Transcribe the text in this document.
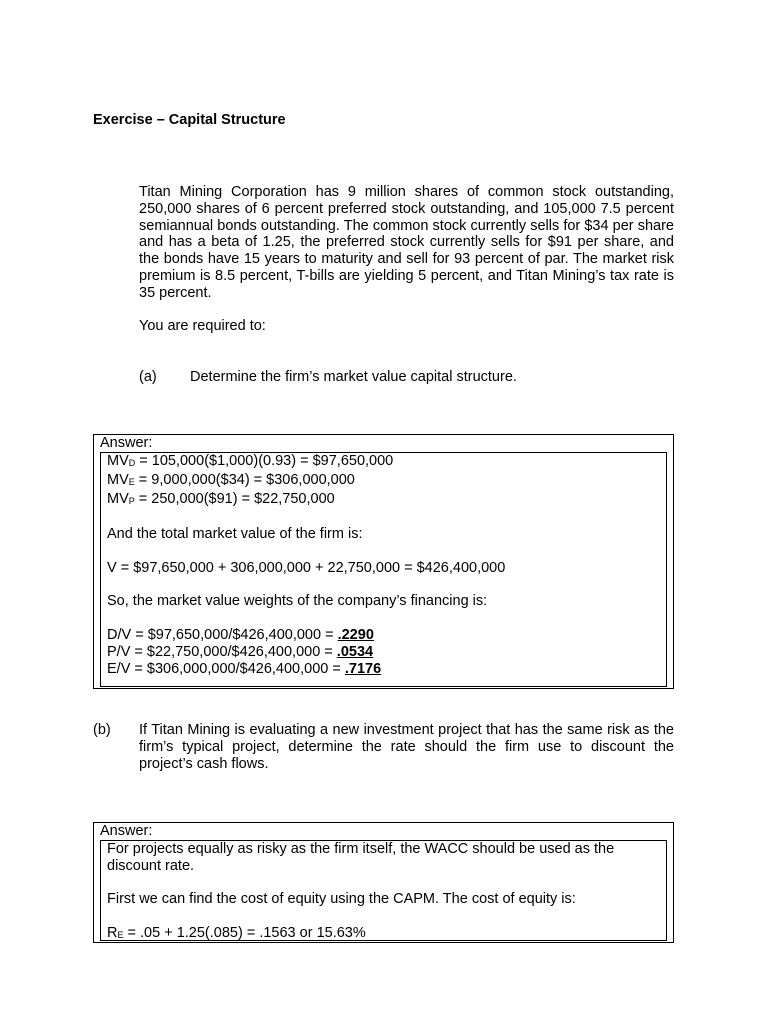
Exercise – Capital Structure

Titan Mining Corporation has 9 million shares of common stock outstanding, 250,000 shares of 6 percent preferred stock outstanding, and 105,000 7.5 percent semiannual bonds outstanding. The common stock currently sells for $34 per share and has a beta of 1.25, the preferred stock currently sells for $91 per share, and the bonds have 15 years to maturity and sell for 93 percent of par. The market risk premium is 8.5 percent, T-bills are yielding 5 percent, and Titan Mining’s tax rate is 35 percent.

You are required to:

(a) Determine the firm’s market value capital structure.
Answer:

$MV_D$ = 105,000($1,000)(0.93) = $97,650,000

$MV_E$ = 9,000,000($34) = $306,000,000

$MV_P$ = 250,000($91) = $22,750,000

And the total market value of the firm is:

V = $97,650,000 + 306,000,000 + 22,750,000 = $426,400,000

So, the market value weights of the company’s financing is:

D/V = $97,650,000/$426,400,000 = .2290

P/V = $22,750,000/$426,400,000 = .0534

E/V = $306,000,000/$426,400,000 = .7176

(b) If Titan Mining is evaluating a new investment project that has the same risk as the firm’s typical project, determine the rate should the firm use to discount the project’s cash flows.
Answer:

For projects equally as risky as the firm itself, the WACC should be used as the discount rate.

First we can find the cost of equity using the CAPM. The cost of equity is:

$R_E = .05 + 1.25(.085) = .1563$ or 15.63%
